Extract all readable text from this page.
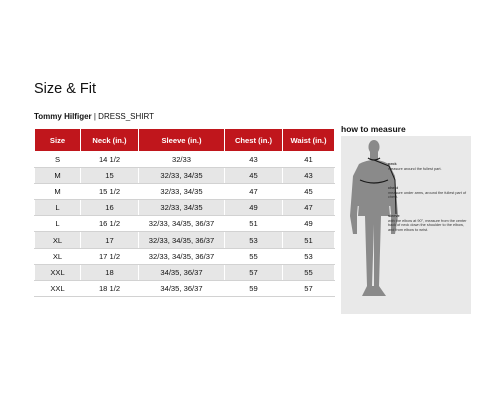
Size & Fit
Tommy Hilfiger | DRESS_SHIRT
Size	Neck (in.)	Sleeve (in.)	Chest (in.)	Waist (in.)
S	14 1/2	32/33	43	41
M	15	32/33, 34/35	45	43
M	15 1/2	32/33, 34/35	47	45
L	16	32/33, 34/35	49	47
L	16 1/2	32/33, 34/35, 36/37	51	49
XL	17	32/33, 34/35, 36/37	53	51
XL	17 1/2	32/33, 34/35, 36/37	55	53
XXL	18	34/35, 36/37	57	55
XXL	18 1/2	34/35, 36/37	59	57
how to measure
neck
measure around the fullest part.
chest
measure under arms, around the fullest part of chest.
sleeve
with the elbow at 90°, measure from the center back of neck down the shoulder to the elbow, and from elbow to wrist.
